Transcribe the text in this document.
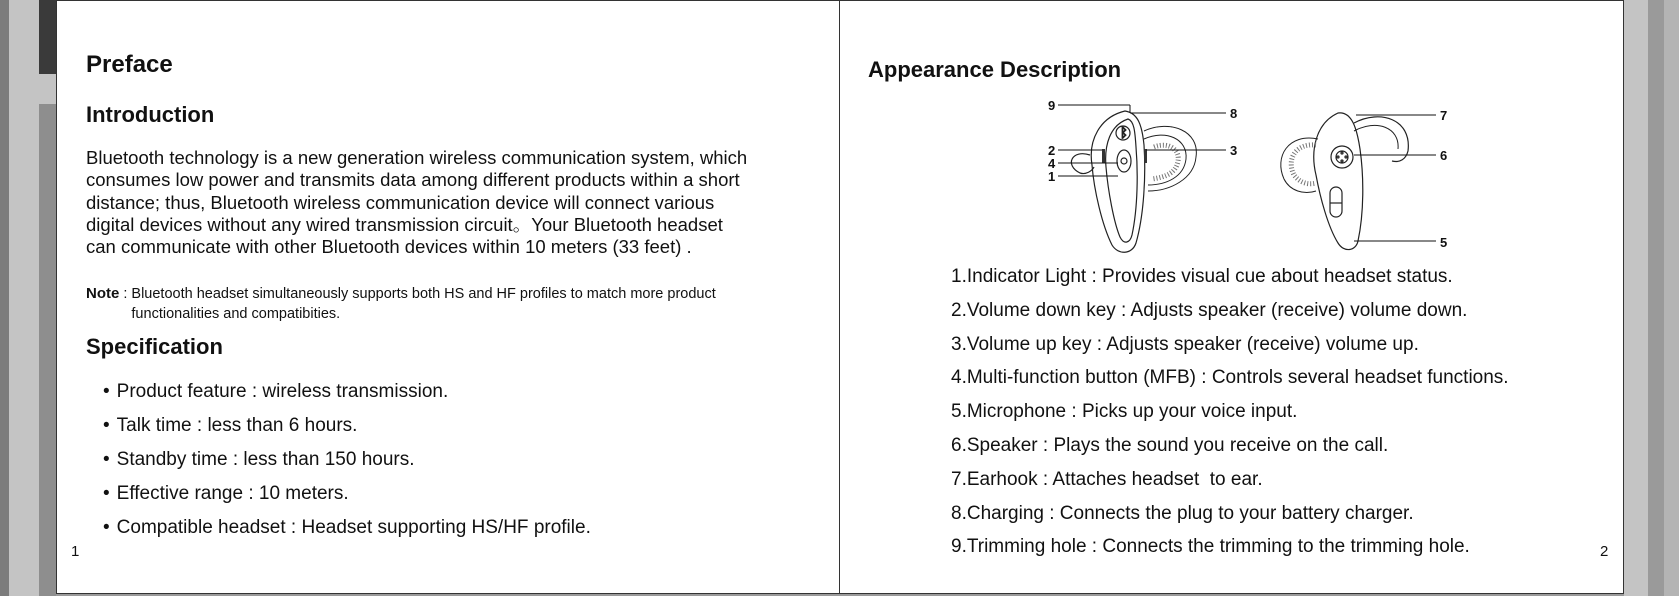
Preface
Introduction

Bluetooth technology is a new generation wireless communication system, which
consumes low power and transmits data among different products within a short
distance; thus, Bluetooth wireless communication device will connect various
digital devices without any wired transmission circuit。Your Bluetooth headset
can communicate with other Bluetooth devices within 10 meters (33 feet) .

Note : Bluetooth headset simultaneously supports both HS and HF profiles to match more product
functionalities and compatibities.
Specification
• Product feature : wireless transmission.
• Talk time : less than 6 hours.
• Standby time : less than 150 hours.
• Effective range : 10 meters.
• Compatible headset : Headset supporting HS/HF profile.
1
Appearance Description
ᛒ
9
8
2
4
1
3
7
6
5
1.Indicator Light : Provides visual cue about headset status.
2.Volume down key : Adjusts speaker (receive) volume down.
3.Volume up key : Adjusts speaker (receive) volume up.
4.Multi-function button (MFB) : Controls several headset functions.
5.Microphone : Picks up your voice input.
6.Speaker : Plays the sound you receive on the call.
7.Earhook : Attaches headset  to ear.
8.Charging : Connects the plug to your battery charger.
9.Trimming hole : Connects the trimming to the trimming hole.	2
